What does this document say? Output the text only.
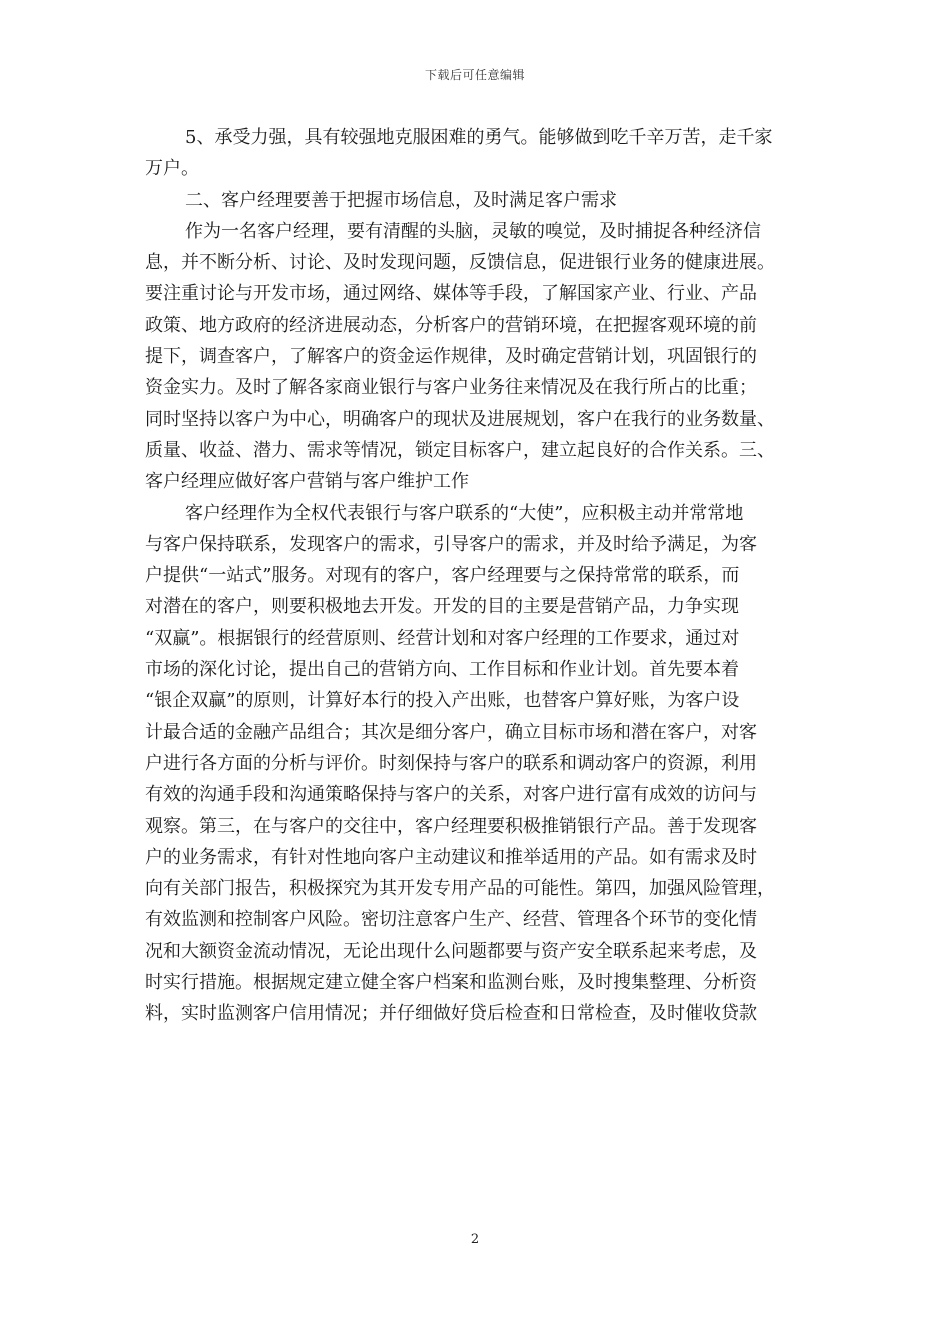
下载后可任意编辑

5、承受力强，具有较强地克服困难的勇气。能够做到吃千辛万苦，走千家
万户。
二、客户经理要善于把握市场信息，及时满足客户需求
作为一名客户经理，要有清醒的头脑，灵敏的嗅觉，及时捕捉各种经济信
息，并不断分析、讨论、及时发现问题，反馈信息，促进银行业务的健康进展。
要注重讨论与开发市场，通过网络、媒体等手段，了解国家产业、行业、产品
政策、地方政府的经济进展动态，分析客户的营销环境，在把握客观环境的前
提下，调查客户，了解客户的资金运作规律，及时确定营销计划，巩固银行的
资金实力。及时了解各家商业银行与客户业务往来情况及在我行所占的比重；
同时坚持以客户为中心，明确客户的现状及进展规划，客户在我行的业务数量、
质量、收益、潜力、需求等情况，锁定目标客户，建立起良好的合作关系。三、
客户经理应做好客户营销与客户维护工作
客户经理作为全权代表银行与客户联系的“大使”，应积极主动并常常地
与客户保持联系，发现客户的需求，引导客户的需求，并及时给予满足，为客
户提供“一站式”服务。对现有的客户，客户经理要与之保持常常的联系，而
对潜在的客户，则要积极地去开发。开发的目的主要是营销产品，力争实现
“双赢”。根据银行的经营原则、经营计划和对客户经理的工作要求，通过对
市场的深化讨论，提出自己的营销方向、工作目标和作业计划。首先要本着
“银企双赢”的原则，计算好本行的投入产出账，也替客户算好账，为客户设
计最合适的金融产品组合；其次是细分客户，确立目标市场和潜在客户，对客
户进行各方面的分析与评价。时刻保持与客户的联系和调动客户的资源，利用
有效的沟通手段和沟通策略保持与客户的关系，对客户进行富有成效的访问与
观察。第三，在与客户的交往中，客户经理要积极推销银行产品。善于发现客
户的业务需求，有针对性地向客户主动建议和推举适用的产品。如有需求及时
向有关部门报告，积极探究为其开发专用产品的可能性。第四，加强风险管理，
有效监测和控制客户风险。密切注意客户生产、经营、管理各个环节的变化情
况和大额资金流动情况，无论出现什么问题都要与资产安全联系起来考虑，及
时实行措施。根据规定建立健全客户档案和监测台账，及时搜集整理、分析资
料，实时监测客户信用情况；并仔细做好贷后检查和日常检查，及时催收贷款

2
